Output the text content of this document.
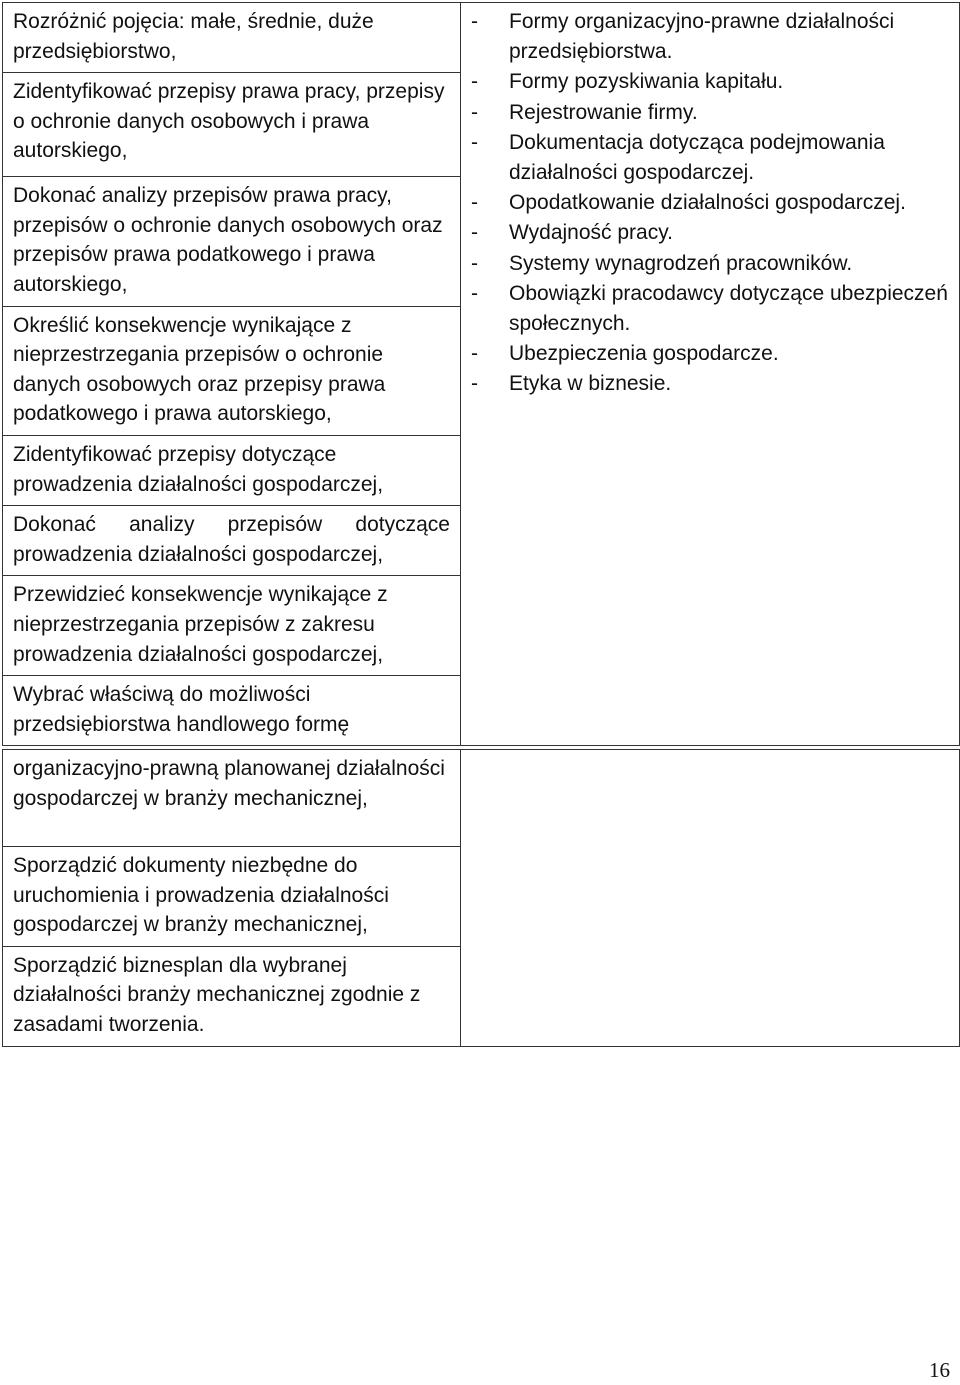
Rozróżnić pojęcia: małe, średnie, duże przedsiębiorstwo,

-	Formy organizacyjno-prawne działalności przedsiębiorstwa.
-	Formy pozyskiwania kapitału.
-	Rejestrowanie firmy.
-	Dokumentacja dotycząca podejmowania działalności gospodarczej.
-	Opodatkowanie działalności gospodarczej.
-	Wydajność pracy.
-	Systemy wynagrodzeń pracowników.
-	Obowiązki pracodawcy dotyczące ubezpieczeń społecznych.
-	Ubezpieczenia gospodarcze.
-	Etyka w biznesie.

Zidentyfikować przepisy prawa pracy, przepisy o ochronie danych osobowych i prawa autorskiego,

Dokonać analizy przepisów prawa pracy, przepisów o ochronie danych osobowych oraz przepisów prawa podatkowego i prawa autorskiego,

Określić konsekwencje wynikające z nieprzestrzegania przepisów o ochronie danych osobowych oraz przepisy prawa podatkowego i prawa autorskiego,

Zidentyfikować przepisy dotyczące prowadzenia działalności gospodarczej,

Dokonać analizy przepisów dotyczące prowadzenia działalności gospodarczej,

Przewidzieć konsekwencje wynikające z nieprzestrzegania przepisów z zakresu prowadzenia działalności gospodarczej,

Wybrać właściwą do możliwości przedsiębiorstwa handlowego formę
organizacyjno-prawną planowanej działalności gospodarczej w branży mechanicznej,

Sporządzić dokumenty niezbędne do uruchomienia i prowadzenia działalności gospodarczej w branży mechanicznej,

Sporządzić biznesplan dla wybranej działalności branży mechanicznej zgodnie z zasadami tworzenia.
16
